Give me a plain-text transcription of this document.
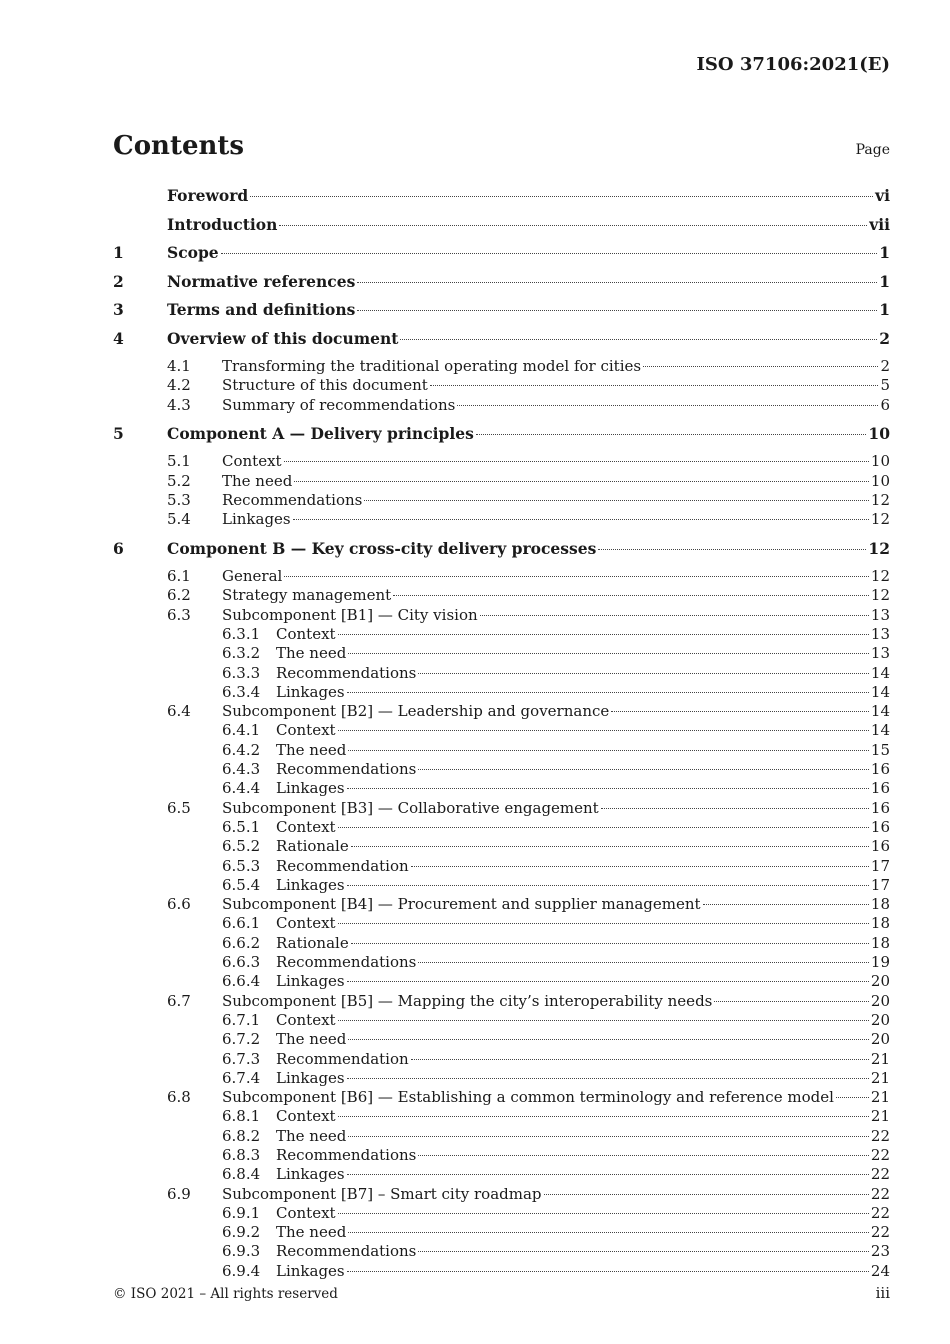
ISO 37106:2021(E)
Contents	Page
Foreword	vi
Introduction	vii
1	Scope	1
2	Normative references	1
3	Terms and definitions	1
4	Overview of this document	2
4.1	Transforming the traditional operating model for cities	2
4.2	Structure of this document	5
4.3	Summary of recommendations	6
5	Component A — Delivery principles	10
5.1	Context	10
5.2	The need	10
5.3	Recommendations	12
5.4	Linkages	12
6	Component B — Key cross-city delivery processes	12
6.1	General	12
6.2	Strategy management	12
6.3	Subcomponent [B1] — City vision	13
6.3.1	Context	13
6.3.2	The need	13
6.3.3	Recommendations	14
6.3.4	Linkages	14
6.4	Subcomponent [B2] — Leadership and governance	14
6.4.1	Context	14
6.4.2	The need	15
6.4.3	Recommendations	16
6.4.4	Linkages	16
6.5	Subcomponent [B3] — Collaborative engagement	16
6.5.1	Context	16
6.5.2	Rationale	16
6.5.3	Recommendation	17
6.5.4	Linkages	17
6.6	Subcomponent [B4] — Procurement and supplier management	18
6.6.1	Context	18
6.6.2	Rationale	18
6.6.3	Recommendations	19
6.6.4	Linkages	20
6.7	Subcomponent [B5] — Mapping the city’s interoperability needs	20
6.7.1	Context	20
6.7.2	The need	20
6.7.3	Recommendation	21
6.7.4	Linkages	21
6.8	Subcomponent [B6] — Establishing a common terminology and reference model 21
6.8.1	Context	21
6.8.2	The need	22
6.8.3	Recommendations	22
6.8.4	Linkages	22
6.9	Subcomponent [B7] – Smart city roadmap	22
6.9.1	Context	22
6.9.2	The need	22
6.9.3	Recommendations	23
6.9.4	Linkages	24
© ISO 2021 – All rights reserved	iii
